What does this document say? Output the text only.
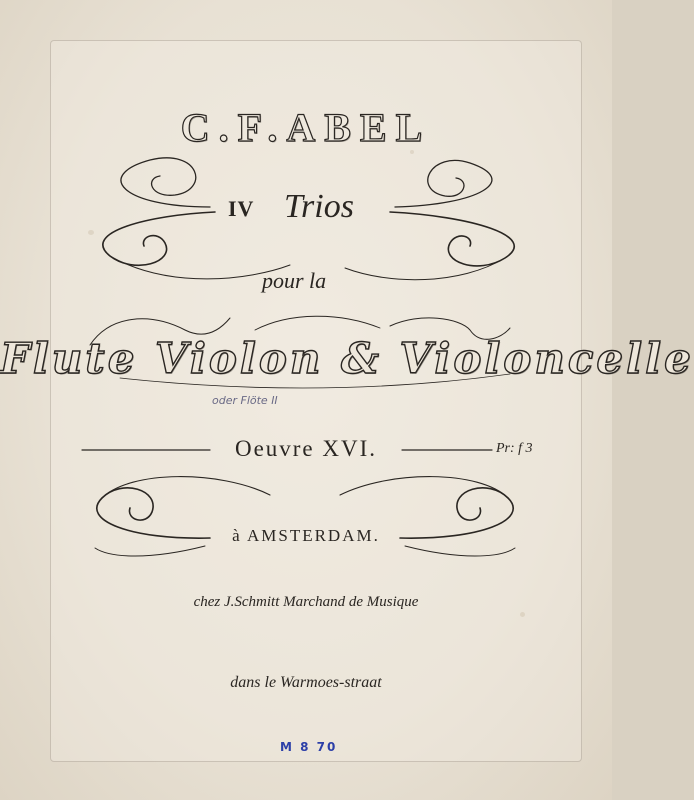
C.F.ABEL
IV Trios
pour la
Flute Violon & Violoncelle
oder Flöte II
Oeuvre XVI.	Pr: f 3
à AMSTERDAM.
chez J.Schmitt Marchand de Musique
dans le Warmoes-straat
M 8 70
